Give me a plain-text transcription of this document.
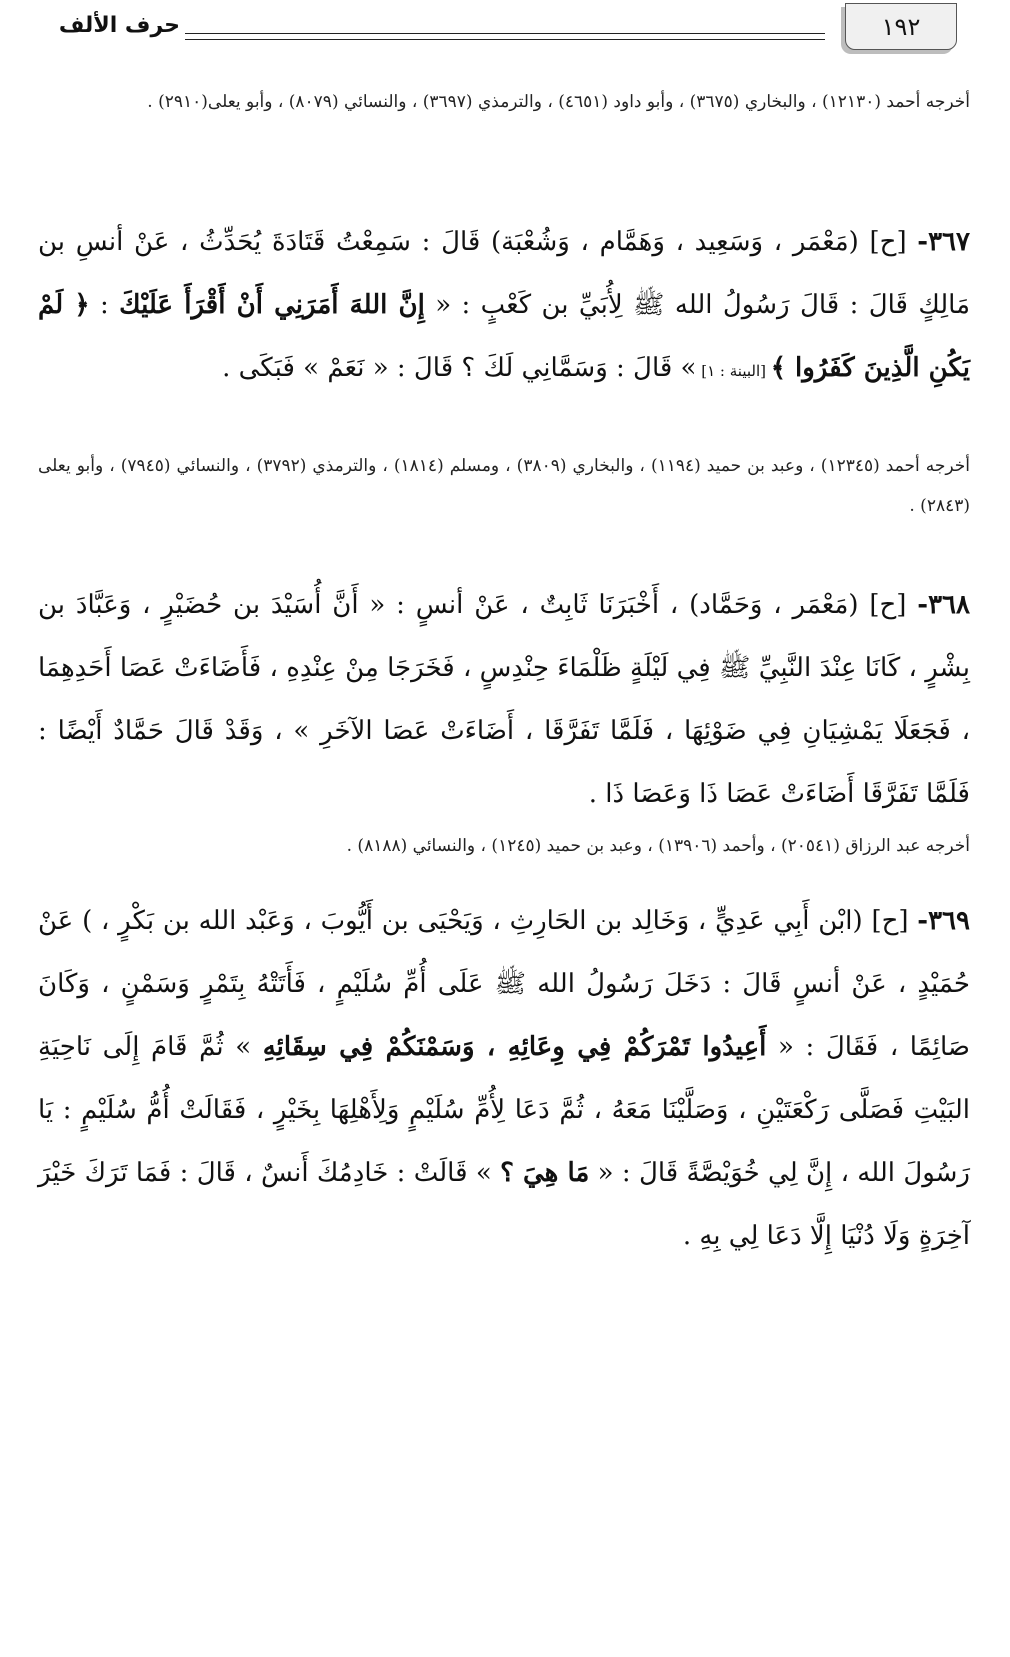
١٩٢
حرف الألف
أخرجه أحمد (١٢١٣٠) ، والبخاري (٣٦٧٥) ، وأبو داود (٤٦٥١) ، والترمذي (٣٦٩٧) ، والنسائي (٨٠٧٩) ، وأبو يعلى(٢٩١٠) .
٣٦٧- [ح] (مَعْمَر ، وَسَعِيد ، وَهَمَّام ، وَشُعْبَة) قَالَ : سَمِعْتُ قَتَادَةَ يُحَدِّثُ ، عَنْ أنسِ بن مَالِكٍ قَالَ : قَالَ رَسُولُ الله ﷺ لِأُبَيِّ بن كَعْبٍ : « إِنَّ اللهَ أَمَرَنِي أَنْ أَقْرَأَ عَلَيْكَ : ﴿ لَمْ يَكُنِ الَّذِينَ كَفَرُوا ﴾ [البينة : ١] » قَالَ : وَسَمَّانِي لَكَ ؟ قَالَ : « نَعَمْ » فَبَكَى .
أخرجه أحمد (١٢٣٤٥) ، وعبد بن حميد (١١٩٤) ، والبخاري (٣٨٠٩) ، ومسلم (١٨١٤) ، والترمذي (٣٧٩٢) ، والنسائي (٧٩٤٥) ، وأبو يعلى (٢٨٤٣) .
٣٦٨- [ح] (مَعْمَر ، وَحَمَّاد) ، أَخْبَرَنَا ثَابِتٌ ، عَنْ أنسٍ : « أَنَّ أُسَيْدَ بن حُضَيْرٍ ، وَعَبَّادَ بن بِشْرٍ ، كَانَا عِنْدَ النَّبِيِّ ﷺ فِي لَيْلَةٍ ظَلْمَاءَ حِنْدِسٍ ، فَخَرَجَا مِنْ عِنْدِهِ ، فَأَضَاءَتْ عَصَا أَحَدِهِمَا ، فَجَعَلَا يَمْشِيَانِ فِي ضَوْئِهَا ، فَلَمَّا تَفَرَّقَا ، أَضَاءَتْ عَصَا الآخَرِ » ، وَقَدْ قَالَ حَمَّادٌ أَيْضًا : فَلَمَّا تَفَرَّقَا أَضَاءَتْ عَصَا ذَا وَعَصَا ذَا .
أخرجه عبد الرزاق (٢٠٥٤١) ، وأحمد (١٣٩٠٦) ، وعبد بن حميد (١٢٤٥) ، والنسائي (٨١٨٨) .
٣٦٩- [ح] (ابْن أَبِي عَدِيٍّ ، وَخَالِد بن الحَارِثِ ، وَيَحْيَى بن أَيُّوبَ ، وَعَبْد الله بن بَكْرٍ ، ) عَنْ حُمَيْدٍ ، عَنْ أنسٍ قَالَ : دَخَلَ رَسُولُ الله ﷺ عَلَى أُمِّ سُلَيْمٍ ، فَأَتَتْهُ بِتَمْرٍ وَسَمْنٍ ، وَكَانَ صَائِمًا ، فَقَالَ : « أَعِيدُوا تَمْرَكُمْ فِي وِعَائِهِ ، وَسَمْنَكُمْ فِي سِقَائِهِ » ثُمَّ قَامَ إِلَى نَاحِيَةِ البَيْتِ فَصَلَّى رَكْعَتَيْنِ ، وَصَلَّيْنَا مَعَهُ ، ثُمَّ دَعَا لِأُمِّ سُلَيْمٍ وَلِأَهْلِهَا بِخَيْرٍ ، فَقَالَتْ أُمُّ سُلَيْمٍ : يَا رَسُولَ الله ، إِنَّ لِي خُوَيْصَّةً قَالَ : « مَا هِيَ ؟ » قَالَتْ : خَادِمُكَ أَنسٌ ، قَالَ : فَمَا تَرَكَ خَيْرَ آخِرَةٍ وَلَا دُنْيَا إِلَّا دَعَا لِي بِهِ .
